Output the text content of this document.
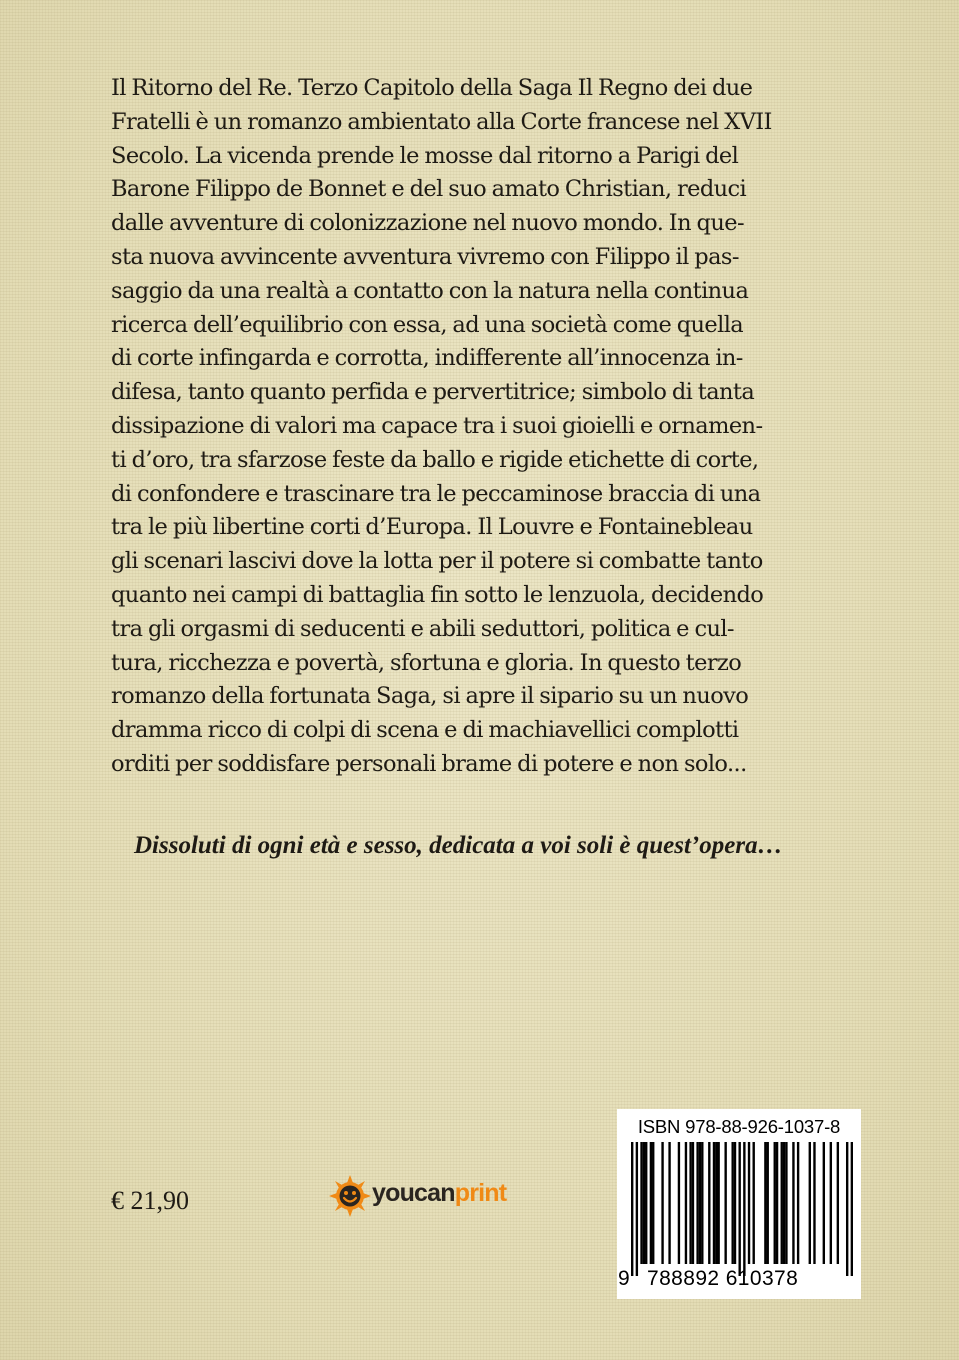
Il Ritorno del Re. Terzo Capitolo della Saga Il Regno dei due
Fratelli è un romanzo ambientato alla Corte francese nel XVII
Secolo. La vicenda prende le mosse dal ritorno a Parigi del
Barone Filippo de Bonnet e del suo amato Christian, reduci
dalle avventure di colonizzazione nel nuovo mondo. In que-
sta nuova avvincente avventura vivremo con Filippo il pas-
saggio da una realtà a contatto con la natura nella continua
ricerca dell’equilibrio con essa, ad una società come quella
di corte infingarda e corrotta, indifferente all’innocenza in-
difesa, tanto quanto perfida e pervertitrice; simbolo di tanta
dissipazione di valori ma capace tra i suoi gioielli e ornamen-
ti d’oro, tra sfarzose feste da ballo e rigide etichette di corte,
di confondere e trascinare tra le peccaminose braccia di una
tra le più libertine corti d’Europa. Il Louvre e Fontainebleau
gli scenari lascivi dove la lotta per il potere si combatte tanto
quanto nei campi di battaglia fin sotto le lenzuola, decidendo
tra gli orgasmi di seducenti e abili seduttori, politica e cul-
tura, ricchezza e povertà, sfortuna e gloria. In questo terzo
romanzo della fortunata Saga, si apre il sipario su un nuovo
dramma ricco di colpi di scena e di machiavellici complotti
orditi per soddisfare personali brame di potere e non solo...
Dissoluti di ogni età e sesso, dedicata a voi soli è quest’opera…
€ 21,90	youcanprint
ISBN 978-88-926-1037-8
9 788892 610378
